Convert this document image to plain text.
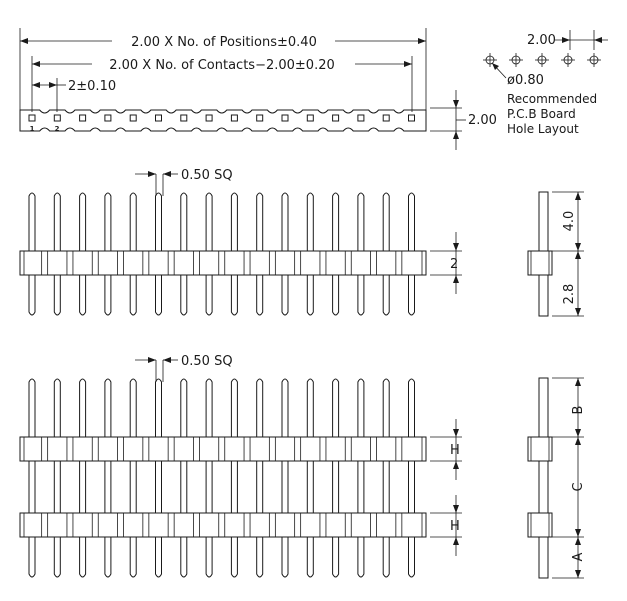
2.00 X No. of Positions±0.40
2.00 X No. of Contacts−2.00±0.20
2±0.10
1	2
2.00
2.00
ø0.80
Recommended
P.C.B Board
Hole Layout
0.50 SQ
2
4.0
2.8
0.50 SQ
H
H
B
C
A
